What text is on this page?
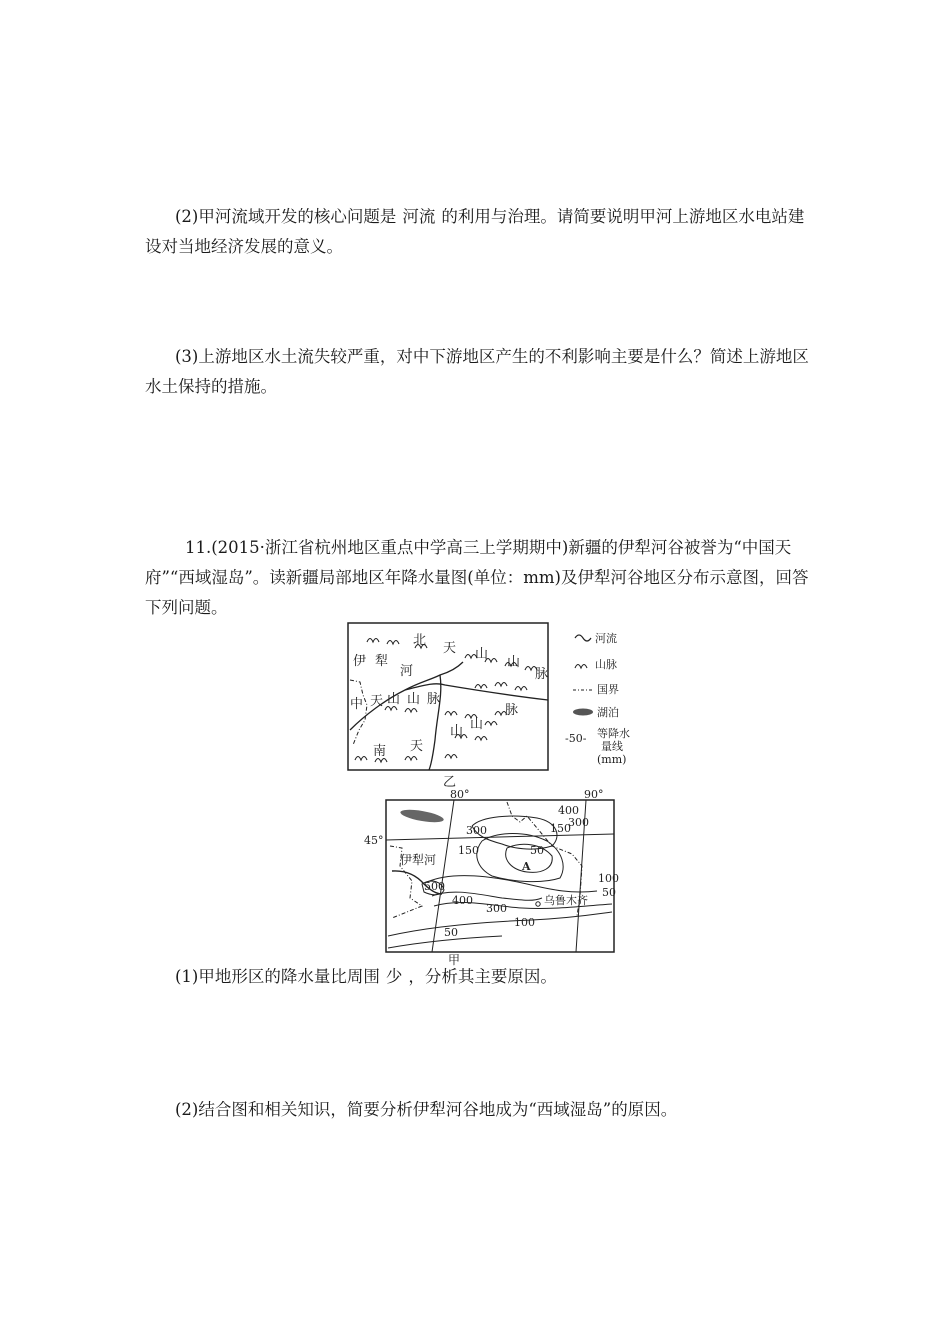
(2)甲河流域开发的核心问题是 河流 的利用与治理。请简要说明甲河上游地区水电站建设对当地经济发展的意义。
(3)上游地区水土流失较严重，对中下游地区产生的不利影响主要是什么？简述上游地区水土保持的措施。
11.(2015·浙江省杭州地区重点中学高三上学期期中)新疆的伊犁河谷被誉为“中国天府”“西域湿岛”。读新疆局部地区年降水量图(单位：mm)及伊犁河谷地区分布示意图，回答下列问题。
北
天 山
山
脉
伊 犁
河
中 天 山 山 脉
脉
山 山
南 天
河流
山脉
国界
湖泊
-50- 等降水
量线
(mm)
乙
80°	90°
45°
400
300
150
300
150	50
500
400
300
100
50
100
50
伊犁河	A
乌鲁木齐
甲
(1)甲地形区的降水量比周围 少 ，分析其主要原因。
(2)结合图和相关知识，简要分析伊犁河谷地成为“西域湿岛”的原因。
